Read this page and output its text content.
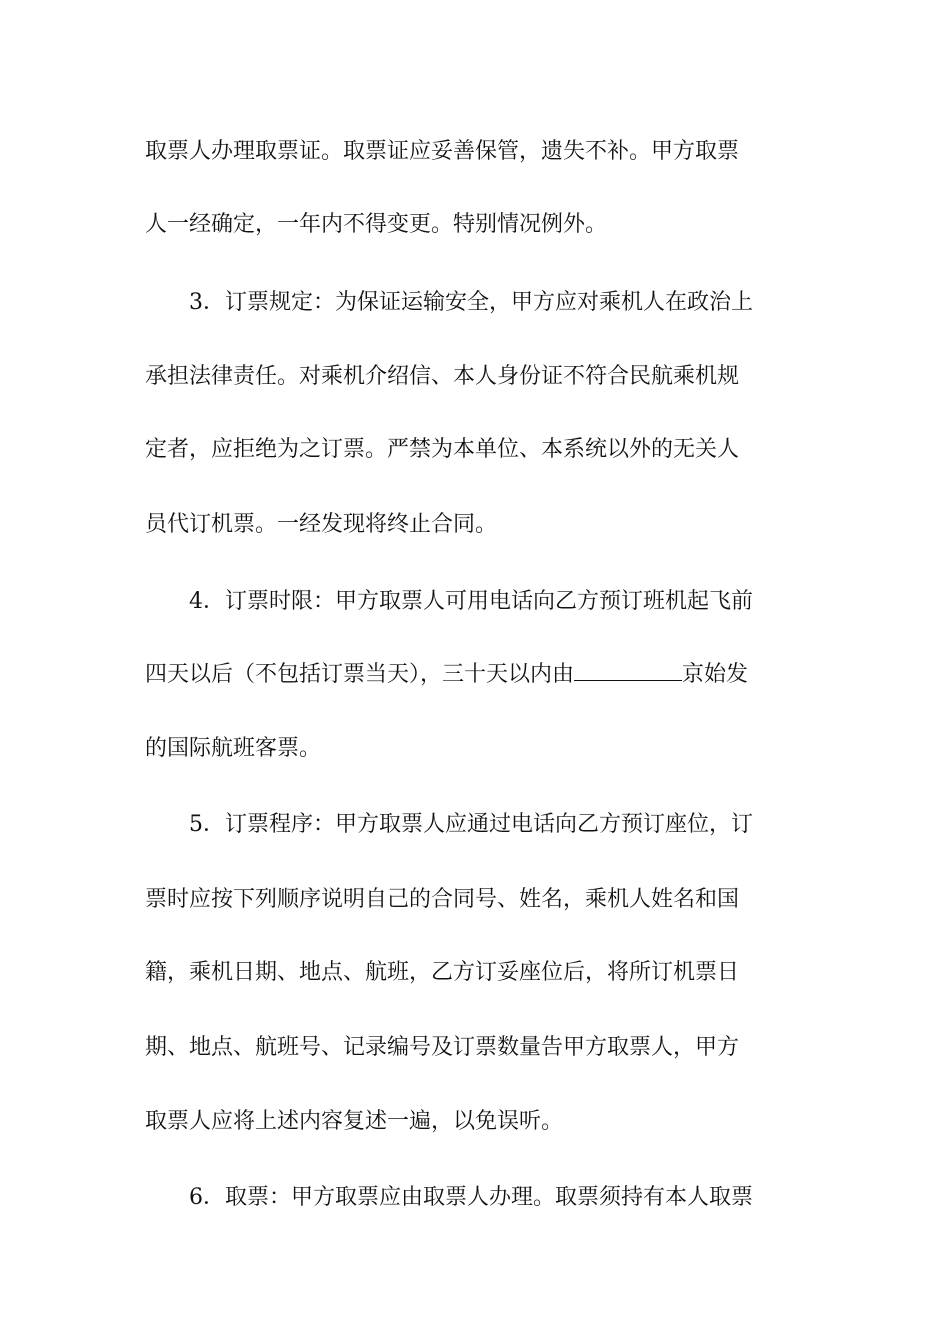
取票人办理取票证。取票证应妥善保管，遗失不补。甲方取票
人一经确定，一年内不得变更。特别情况例外。
3．订票规定：为保证运输安全，甲方应对乘机人在政治上
承担法律责任。对乘机介绍信、本人身份证不符合民航乘机规
定者，应拒绝为之订票。严禁为本单位、本系统以外的无关人
员代订机票。一经发现将终止合同。
4．订票时限：甲方取票人可用电话向乙方预订班机起飞前
四天以后（不包括订票当天），三十天以内由	京始发
的国际航班客票。
5．订票程序：甲方取票人应通过电话向乙方预订座位，订
票时应按下列顺序说明自己的合同号、姓名，乘机人姓名和国
籍，乘机日期、地点、航班，乙方订妥座位后，将所订机票日
期、地点、航班号、记录编号及订票数量告甲方取票人，甲方
取票人应将上述内容复述一遍，以免误听。
6．取票：甲方取票应由取票人办理。取票须持有本人取票
